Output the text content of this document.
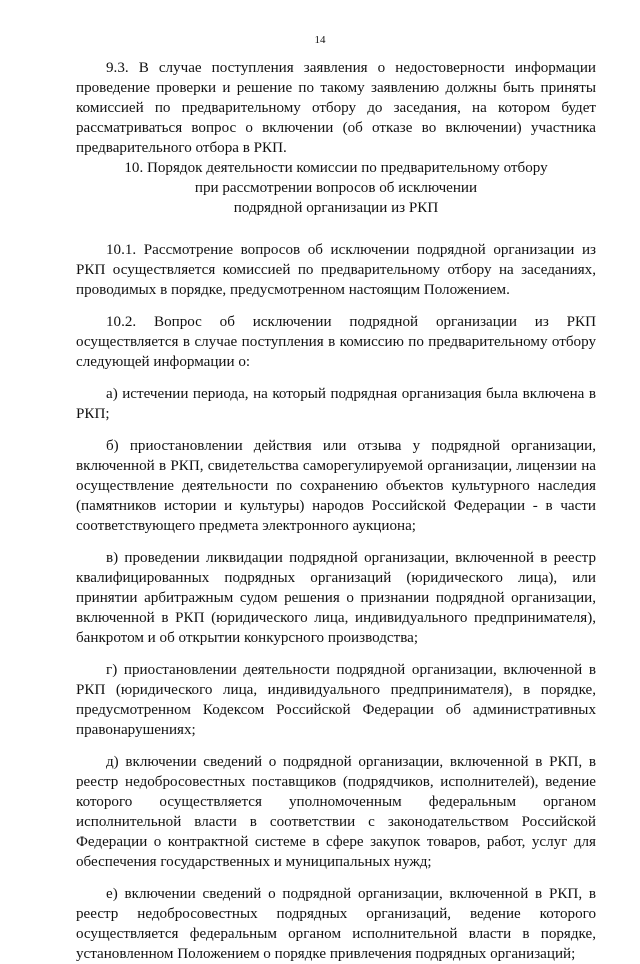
14

9.3. В случае поступления заявления о недостоверности информации проведение проверки и решение по такому заявлению должны быть приняты комиссией по предварительному отбору до заседания, на котором будет рассматриваться вопрос о включении (об отказе во включении) участника предварительного отбора в РКП.

10. Порядок деятельности комиссии по предварительному отбору
при рассмотрении вопросов об исключении
подрядной организации из РКП

10.1. Рассмотрение вопросов об исключении подрядной организации из РКП осуществляется комиссией по предварительному отбору на заседаниях, проводимых в порядке, предусмотренном настоящим Положением.

10.2. Вопрос об исключении подрядной организации из РКП осуществляется в случае поступления в комиссию по предварительному отбору следующей информации о:

а) истечении периода, на который подрядная организация была включена в РКП;

б) приостановлении действия или отзыва у подрядной организации, включенной в РКП, свидетельства саморегулируемой организации, лицензии на осуществление деятельности по сохранению объектов культурного наследия (памятников истории и культуры) народов Российской Федерации - в части соответствующего предмета электронного аукциона;

в) проведении ликвидации подрядной организации, включенной в реестр квалифицированных подрядных организаций (юридического лица), или принятии арбитражным судом решения о признании подрядной организации, включенной в РКП (юридического лица, индивидуального предпринимателя), банкротом и об открытии конкурсного производства;

г) приостановлении деятельности подрядной организации, включенной в РКП (юридического лица, индивидуального предпринимателя), в порядке, предусмотренном Кодексом Российской Федерации об административных правонарушениях;

д) включении сведений о подрядной организации, включенной в РКП, в реестр недобросовестных поставщиков (подрядчиков, исполнителей), ведение которого осуществляется уполномоченным федеральным органом исполнительной власти в соответствии с законодательством Российской Федерации о контрактной системе в сфере закупок товаров, работ, услуг для обеспечения государственных и муниципальных нужд;

е) включении сведений о подрядной организации, включенной в РКП, в реестр недобросовестных подрядных организаций, ведение которого осуществляется федеральным органом исполнительной власти в порядке, установленном Положением о порядке привлечения подрядных организаций;
